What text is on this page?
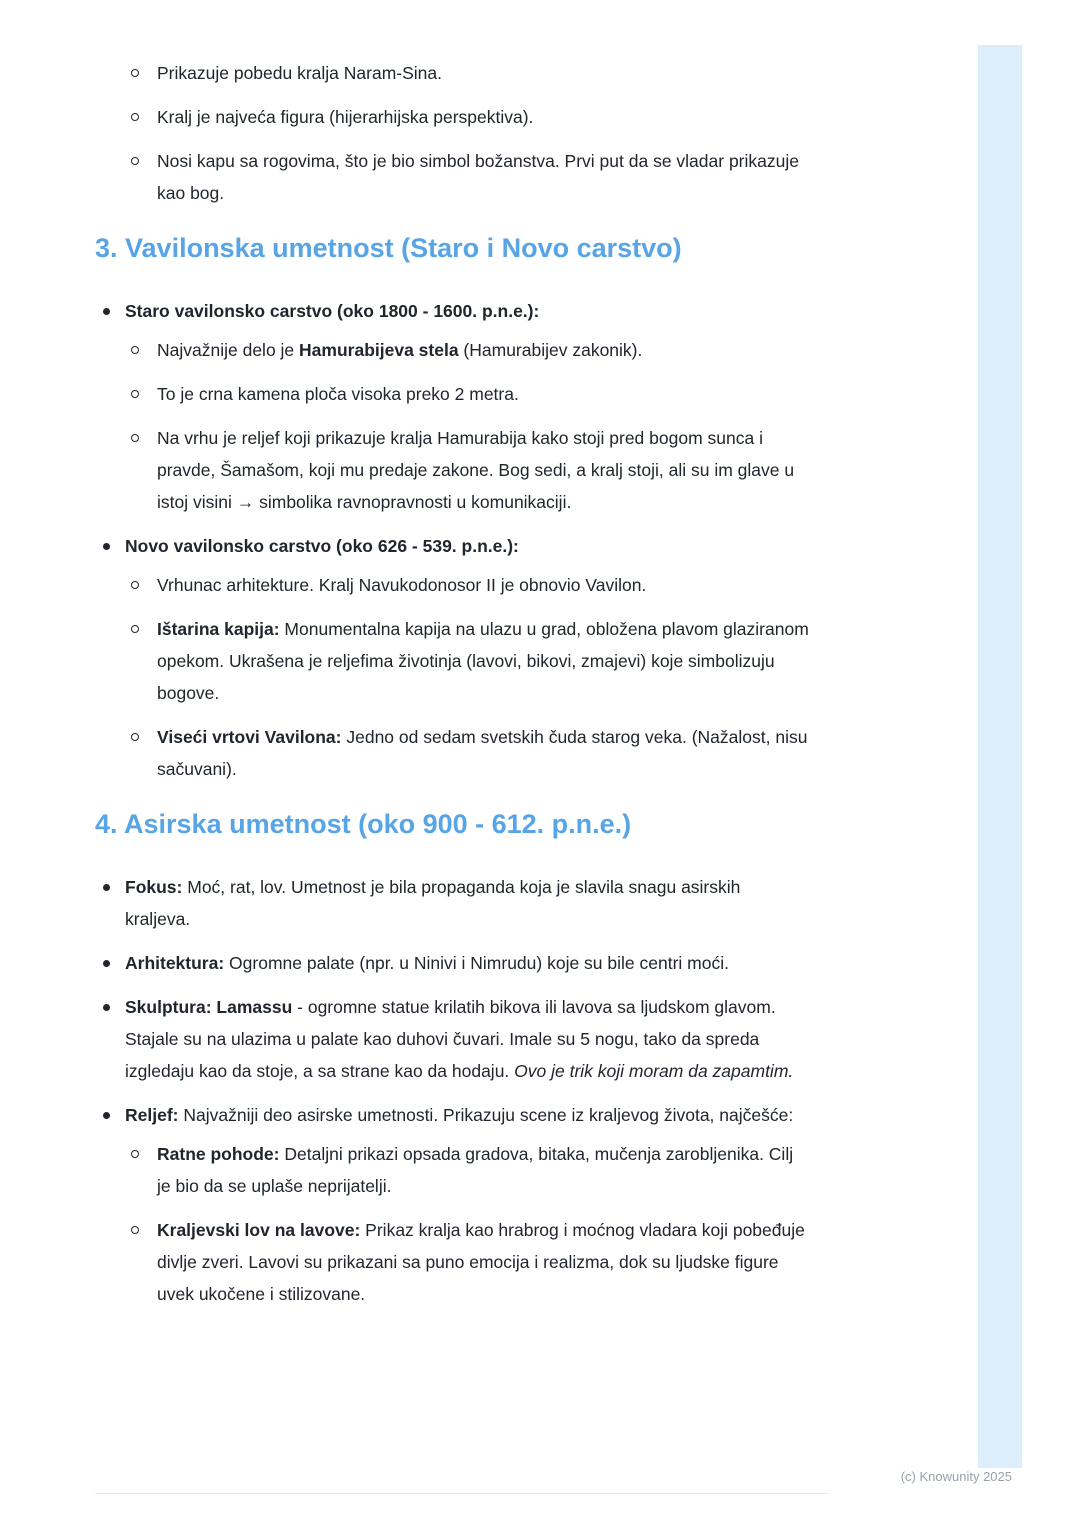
Prikazuje pobedu kralja Naram-Sina.

Kralj je najveća figura (hijerarhijska perspektiva).

Nosi kapu sa rogovima, što je bio simbol božanstva. Prvi put da se vladar prikazuje kao bog.

3. Vavilonska umetnost (Staro i Novo carstvo)

Staro vavilonsko carstvo (oko 1800 - 1600. p.n.e.):

Najvažnije delo je Hamurabijeva stela (Hamurabijev zakonik).

To je crna kamena ploča visoka preko 2 metra.

Na vrhu je reljef koji prikazuje kralja Hamurabija kako stoji pred bogom sunca i pravde, Šamašom, koji mu predaje zakone. Bog sedi, a kralj stoji, ali su im glave u istoj visini → simbolika ravnopravnosti u komunikaciji.

Novo vavilonsko carstvo (oko 626 - 539. p.n.e.):

Vrhunac arhitekture. Kralj Navukodonosor II je obnovio Vavilon.

Ištarina kapija: Monumentalna kapija na ulazu u grad, obložena plavom glaziranom opekom. Ukrašena je reljefima životinja (lavovi, bikovi, zmajevi) koje simbolizuju bogove.

Viseći vrtovi Vavilona: Jedno od sedam svetskih čuda starog veka. (Nažalost, nisu sačuvani).

4. Asirska umetnost (oko 900 - 612. p.n.e.)

Fokus: Moć, rat, lov. Umetnost je bila propaganda koja je slavila snagu asirskih kraljeva.

Arhitektura: Ogromne palate (npr. u Ninivi i Nimrudu) koje su bile centri moći.

Skulptura: Lamassu - ogromne statue krilatih bikova ili lavova sa ljudskom glavom. Stajale su na ulazima u palate kao duhovi čuvari. Imale su 5 nogu, tako da spreda izgledaju kao da stoje, a sa strane kao da hodaju. Ovo je trik koji moram da zapamtim.

Reljef: Najvažniji deo asirske umetnosti. Prikazuju scene iz kraljevog života, najčešće:

Ratne pohode: Detaljni prikazi opsada gradova, bitaka, mučenja zarobljenika. Cilj je bio da se uplaše neprijatelji.

Kraljevski lov na lavove: Prikaz kralja kao hrabrog i moćnog vladara koji pobeđuje divlje zveri. Lavovi su prikazani sa puno emocija i realizma, dok su ljudske figure uvek ukočene i stilizovane.

(c) Knowunity 2025
